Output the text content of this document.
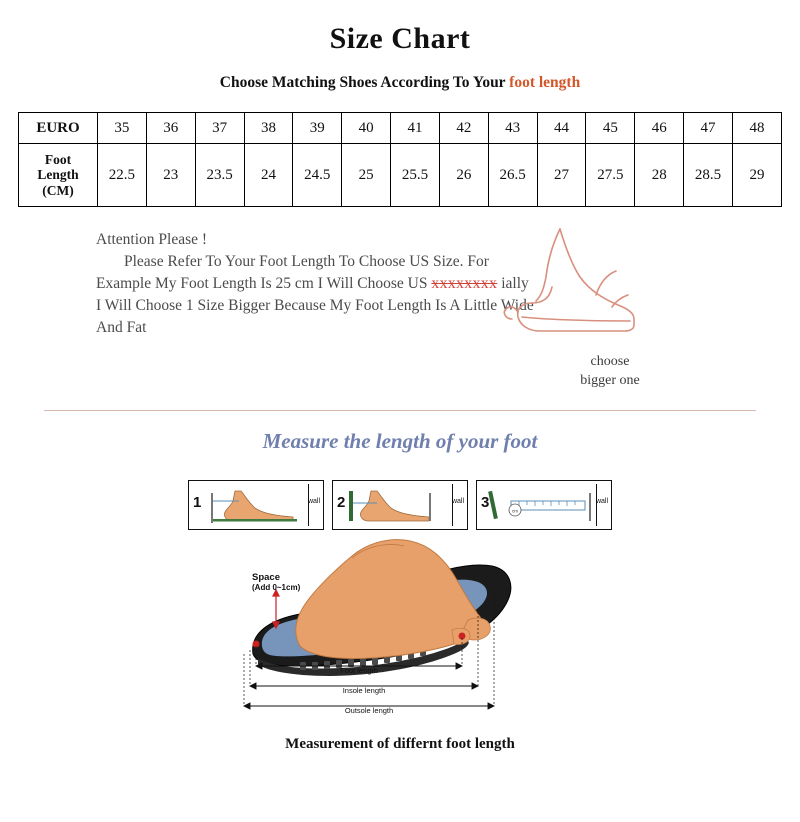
Size Chart
Choose Matching Shoes According To Your foot length
EURO	35	36	37	38	39	40	41	42	43	44	45	46	47	48

Foot
Length
(CM)	22.5	23	23.5	24	24.5	25	25.5	26	26.5	27	27.5	28	28.5	29
Attention Please !
Please Refer To Your Foot Length To Choose US Size. For Example My Foot Length Is 25 cm I Will Choose US xxxxxxxx ially I Will Choose 1 Size Bigger Because My Foot Length Is A Little Wide And Fat
choose
bigger one
Measure the length of your foot
1	wall 2	wall 3	wall
cm
Space
(Add 0~1cm)
Foot length
Insole length
Outsole length
Measurement of differnt foot length
